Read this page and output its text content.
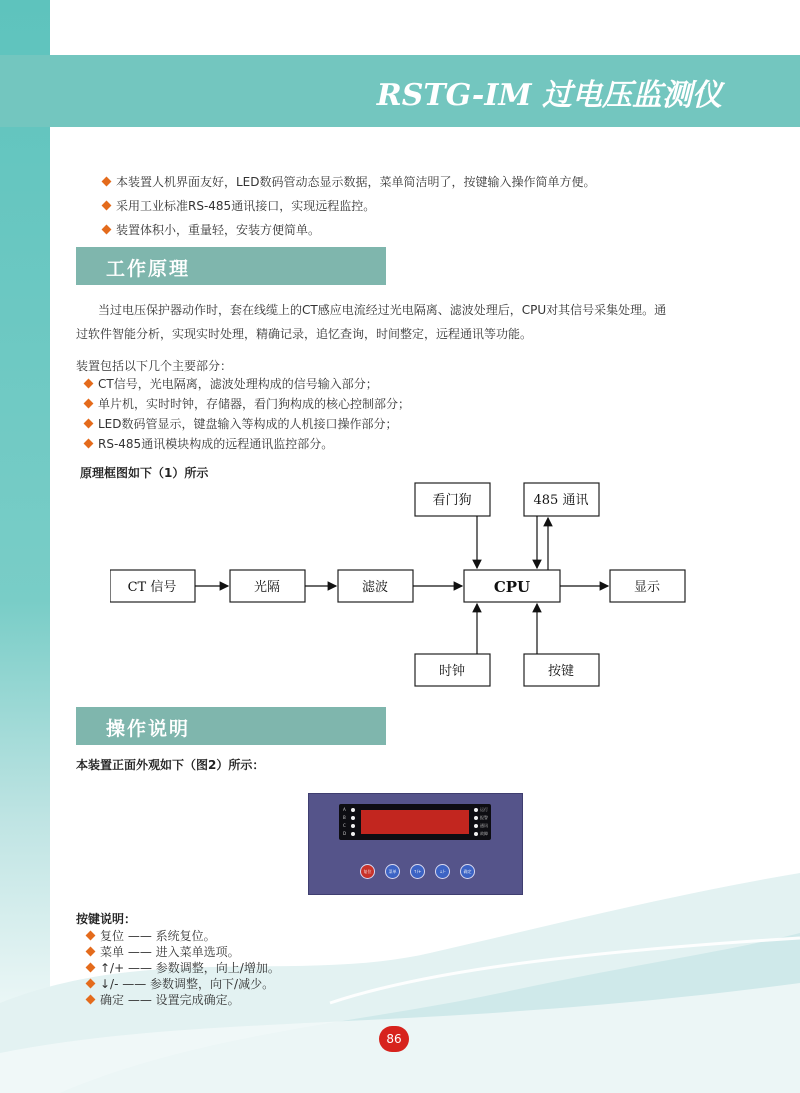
RSTG-IM 过电压监测仪
本装置人机界面友好，LED数码管动态显示数据，菜单简洁明了，按键输入操作简单方便。
采用工业标准RS-485通讯接口，实现远程监控。
装置体积小，重量轻，安装方便简单。
工作原理
当过电压保护器动作时，套在线缆上的CT感应电流经过光电隔离、滤波处理后，CPU对其信号采集处理。通
过软件智能分析，实现实时处理，精确记录，追忆查询，时间整定，远程通讯等功能。
装置包括以下几个主要部分：
CT信号，光电隔离，滤波处理构成的信号输入部分；
单片机，实时时钟，存储器，看门狗构成的核心控制部分；
LED数码管显示，键盘输入等构成的人机接口操作部分；
RS-485通讯模块构成的远程通讯监控部分。
原理框图如下（1）所示
CT 信号	光隔	滤波	CPU	显示
看门狗	485 通讯
时钟	按键
操作说明
本装置正面外观如下（图2）所示：
A
B
C
D
运行
报警
通讯
故障
复位	菜单	↑/+	↓/-	确定
按键说明：
复位 —— 系统复位。
菜单 —— 进入菜单选项。
↑/+ —— 参数调整，向上/增加。
↓/- —— 参数调整，向下/减少。
确定 —— 设置完成确定。
86
